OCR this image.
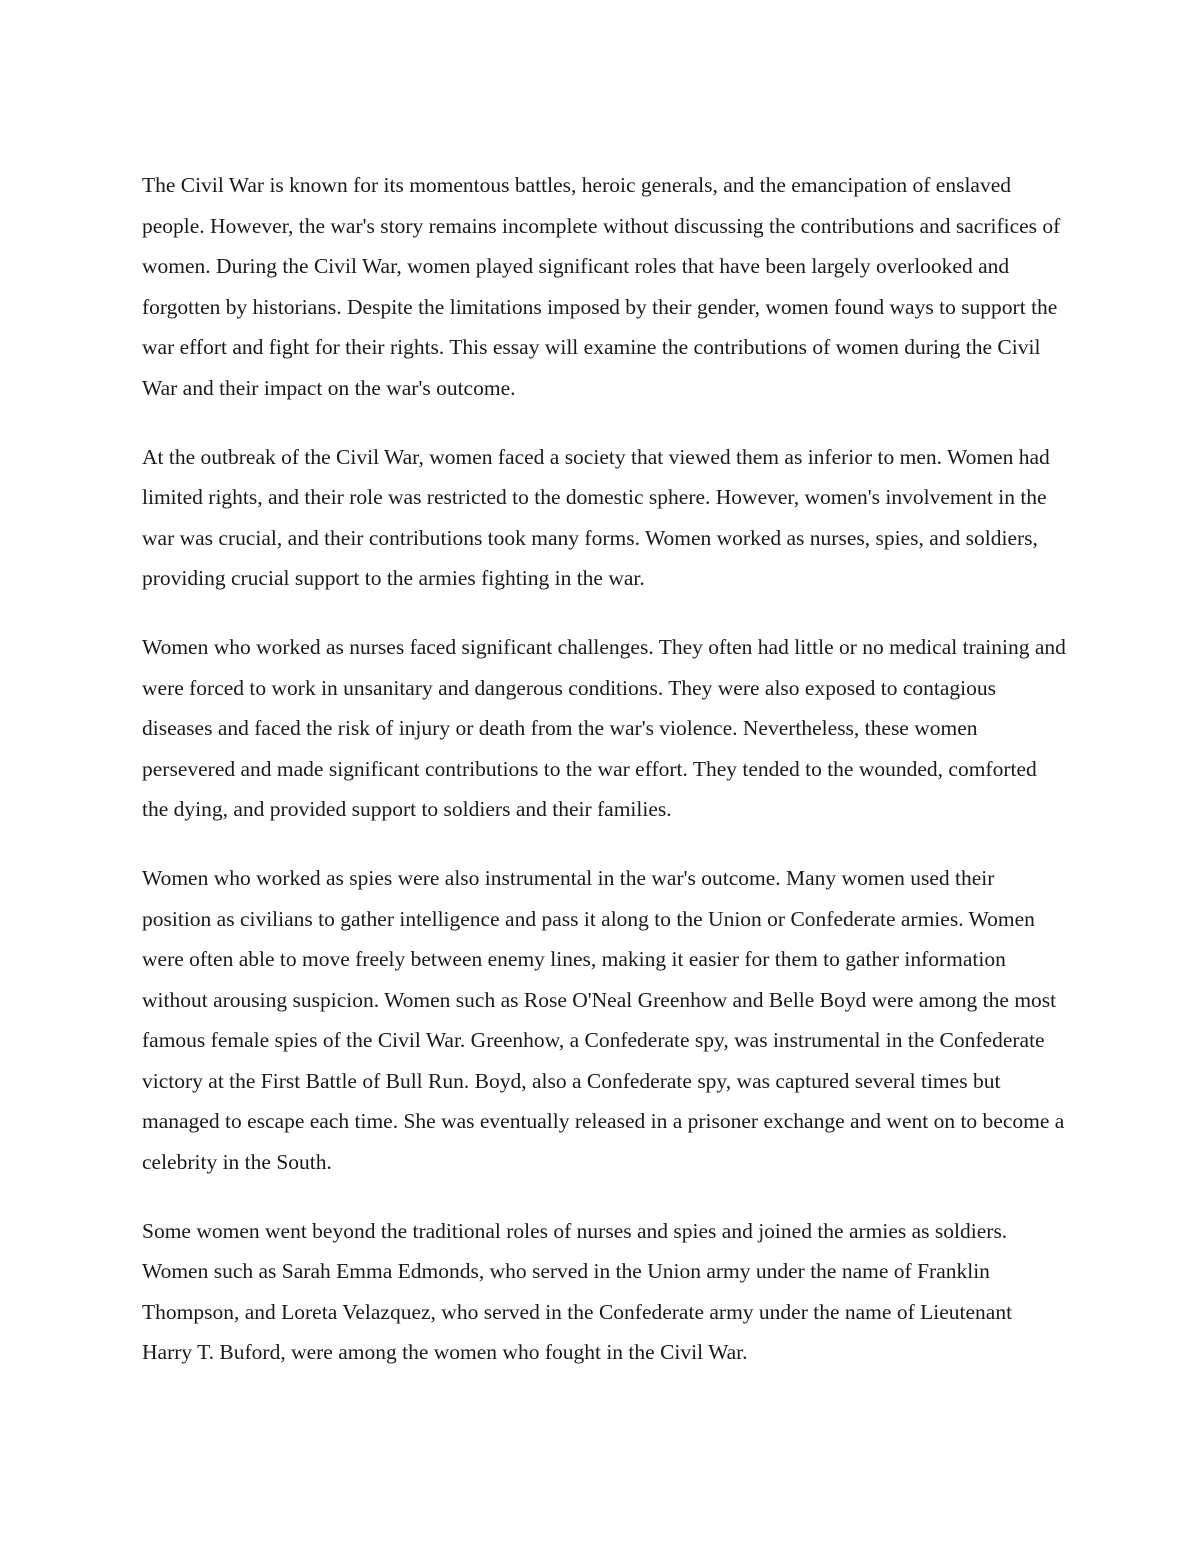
The Civil War is known for its momentous battles, heroic generals, and the emancipation of enslaved people. However, the war's story remains incomplete without discussing the contributions and sacrifices of women. During the Civil War, women played significant roles that have been largely overlooked and forgotten by historians. Despite the limitations imposed by their gender, women found ways to support the war effort and fight for their rights. This essay will examine the contributions of women during the Civil War and their impact on the war's outcome.

At the outbreak of the Civil War, women faced a society that viewed them as inferior to men. Women had limited rights, and their role was restricted to the domestic sphere. However, women's involvement in the war was crucial, and their contributions took many forms. Women worked as nurses, spies, and soldiers, providing crucial support to the armies fighting in the war.

Women who worked as nurses faced significant challenges. They often had little or no medical training and were forced to work in unsanitary and dangerous conditions. They were also exposed to contagious diseases and faced the risk of injury or death from the war's violence. Nevertheless, these women persevered and made significant contributions to the war effort. They tended to the wounded, comforted the dying, and provided support to soldiers and their families.

Women who worked as spies were also instrumental in the war's outcome. Many women used their position as civilians to gather intelligence and pass it along to the Union or Confederate armies. Women were often able to move freely between enemy lines, making it easier for them to gather information without arousing suspicion. Women such as Rose O'Neal Greenhow and Belle Boyd were among the most famous female spies of the Civil War. Greenhow, a Confederate spy, was instrumental in the Confederate victory at the First Battle of Bull Run. Boyd, also a Confederate spy, was captured several times but managed to escape each time. She was eventually released in a prisoner exchange and went on to become a celebrity in the South.

Some women went beyond the traditional roles of nurses and spies and joined the armies as soldiers. Women such as Sarah Emma Edmonds, who served in the Union army under the name of Franklin Thompson, and Loreta Velazquez, who served in the Confederate army under the name of Lieutenant Harry T. Buford, were among the women who fought in the Civil War.
